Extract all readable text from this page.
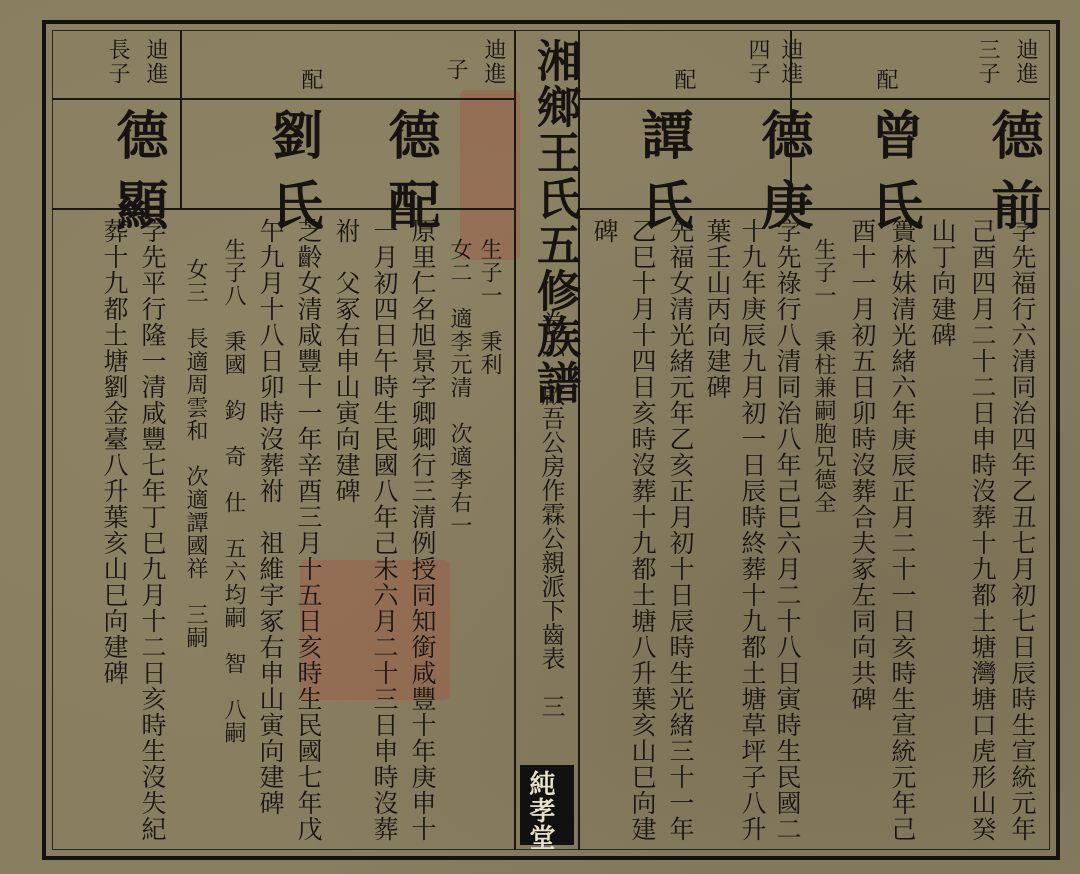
湘鄉王氏五修族譜
卷六　啟吾公房作霖公親派下齒表　三
純孝堂
迪進
三子
德前
字先福行六清同治四年乙丑七月初七日辰時生宣統元年
己酉四月二十二日申時沒葬十九都土塘灣塘口虎形山癸
山丁向建碑
配
曾氏
簣林妹清光緒六年庚辰正月二十一日亥時生宣統元年己
酉十一月初五日卯時沒葬合夫冢左同向共碑
生子一　秉柱兼嗣胞兄德全
迪進
四子
德庚
字先祿行八清同治八年己巳六月二十八日寅時生民國二
十九年庚辰九月初一日辰時終葬十九都土塘草坪子八升
葉壬山丙向建碑
配
譚氏
先福女清光緒元年乙亥正月初十日辰時生光緒三十一年
乙巳十月十四日亥時沒葬十九都土塘八升葉亥山巳向建
碑
迪進
子
德配
生子一　秉利
女二　適李元清　次適李右一
原里仁名旭景字卿卿行三清例授同知銜咸豐十年庚申十
一月初四日午時生民國八年己未六月二十三日申時沒葬
祔　父冢右申山寅向建碑
配
劉氏
芝齡女清咸豐十一年辛酉三月十五日亥時生民國七年戊
午九月十八日卯時沒葬祔　祖維宇冢右申山寅向建碑
生子八　秉國　鈞　奇　仕　五六均嗣　智　八嗣
女三　長適周雲和　次適譚國祥　三嗣
迪進
長子
德顯
字先平行隆一清咸豐七年丁巳九月十二日亥時生沒失紀
葬十九都土塘劉金臺八升葉亥山巳向建碑
